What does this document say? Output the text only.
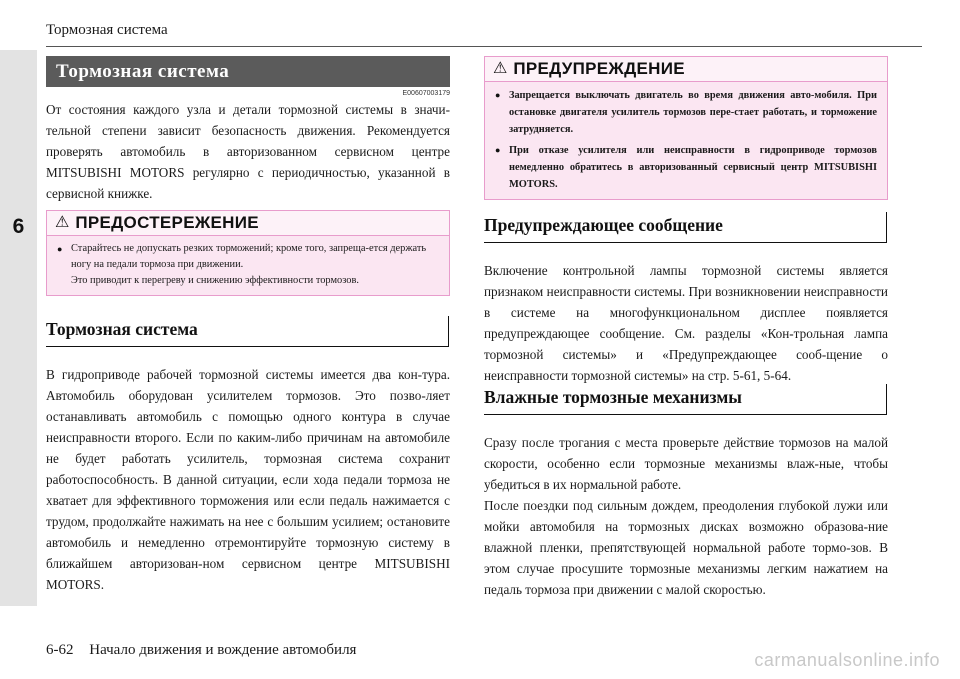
Тормозная система
6
Тормозная система
E00607003179

От состояния каждого узла и детали тормозной системы в значи-тельной степени зависит безопасность движения. Рекомендуется проверять автомобиль в авторизованном сервисном центре MITSUBISHI MOTORS регулярно с периодичностью, указанной в сервисной книжке.

⚠ ПРЕДОСТЕРЕЖЕНИЕ
● Старайтесь не допускать резких торможений; кроме того, запреща-ется держать ногу на педали тормоза при движении.
Это приводит к перегреву и снижению эффективности тормозов.
Тормозная система

В гидроприводе рабочей тормозной системы имеется два кон-тура. Автомобиль оборудован усилителем тормозов. Это позво-ляет останавливать автомобиль с помощью одного контура в случае неисправности второго. Если по каким-либо причинам на автомобиле не будет работать усилитель, тормозная система сохранит работоспособность. В данной ситуации, если хода педали тормоза не хватает для эффективного торможения или если педаль нажимается с трудом, продолжайте нажимать на нее с большим усилием; остановите автомобиль и немедленно отремонтируйте тормозную систему в ближайшем авторизован-ном сервисном центре MITSUBISHI MOTORS.

⚠ ПРЕДУПРЕЖДЕНИЕ
● Запрещается выключать двигатель во время движения авто-мобиля. При остановке двигателя усилитель тормозов пере-стает работать, и торможение затрудняется.
● При отказе усилителя или неисправности в гидроприводе тормозов немедленно обратитесь в авторизованный сервисный центр MITSUBISHI MOTORS.
Предупреждающее сообщение

Включение контрольной лампы тормозной системы является признаком неисправности системы. При возникновении неисправности в системе на многофункциональном дисплее появляется предупреждающее сообщение. См. разделы «Кон-трольная лампа тормозной системы» и «Предупреждающее сооб-щение о неисправности тормозной системы» на стр. 5-61, 5-64.

Влажные тормозные механизмы

Сразу после трогания с места проверьте действие тормозов на малой скорости, особенно если тормозные механизмы влаж-ные, чтобы убедиться в их нормальной работе.

После поездки под сильным дождем, преодоления глубокой лужи или мойки автомобиля на тормозных дисках возможно образова-ние влажной пленки, препятствующей нормальной работе тормо-зов. В этом случае просушите тормозные механизмы легким нажатием на педаль тормоза при движении с малой скоростью.

6-62 Начало движения и вождение автомобиля	carmanualsonline.info
